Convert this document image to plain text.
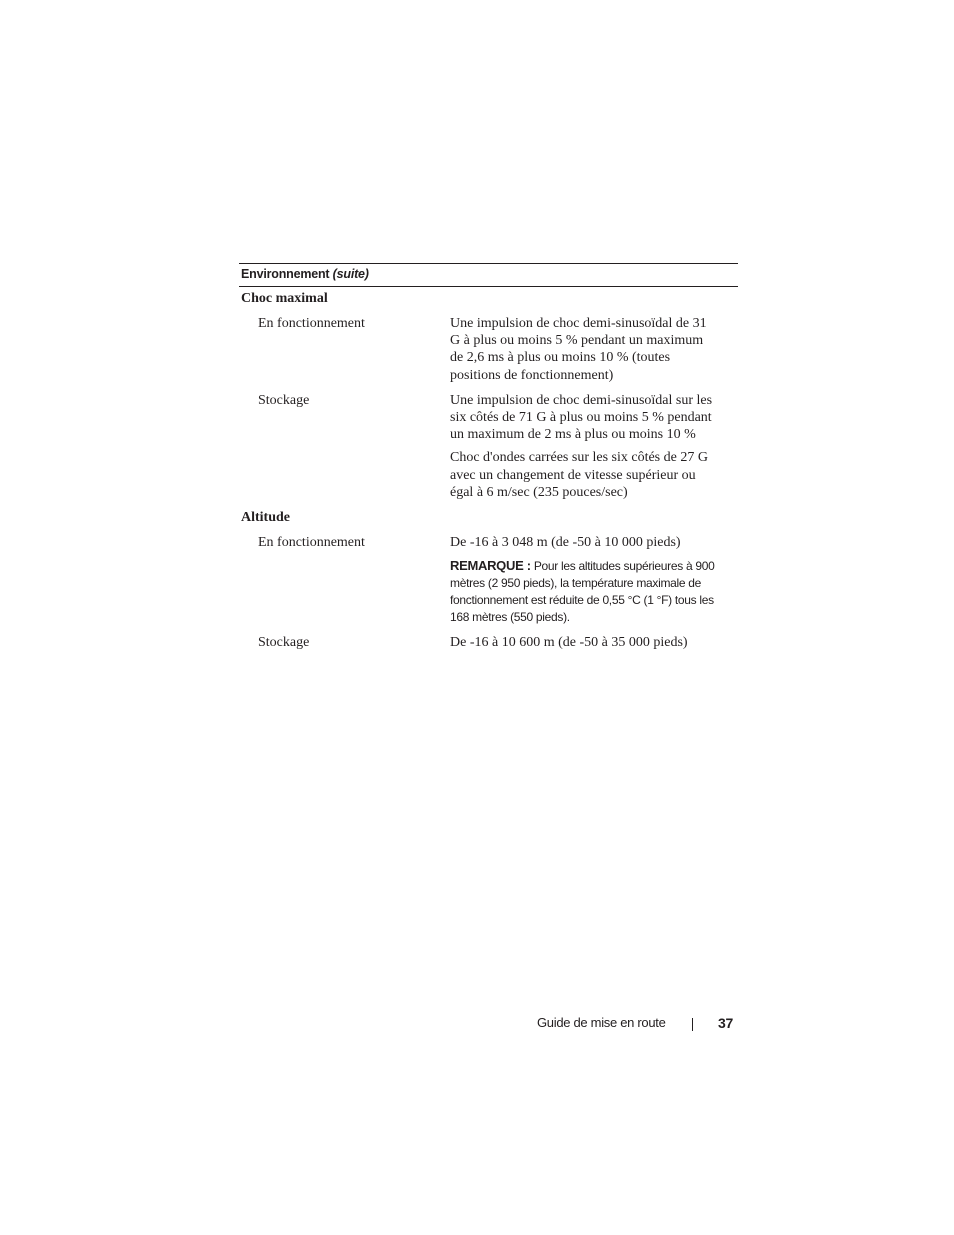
Environnement (suite)
Choc maximal
En fonctionnement	Une impulsion de choc demi-sinusoïdal de 31 G à plus ou moins 5 % pendant un maximum de 2,6 ms à plus ou moins 10 % (toutes positions de fonctionnement)

Stockage	Une impulsion de choc demi-sinusoïdal sur les six côtés de 71 G à plus ou moins 5 % pendant un maximum de 2 ms à plus ou moins 10 %

Choc d'ondes carrées sur les six côtés de 27 G avec un changement de vitesse supérieur ou égal à 6 m/sec (235 pouces/sec)

Altitude
En fonctionnement	De -16 à 3 048 m (de -50 à 10 000 pieds)

REMARQUE : Pour les altitudes supérieures à 900 mètres (2 950 pieds), la température maximale de fonctionnement est réduite de 0,55 °C (1 °F) tous les 168 mètres (550 pieds).

Stockage	De -16 à 10 600 m (de -50 à 35 000 pieds)

Guide de mise en route	37
